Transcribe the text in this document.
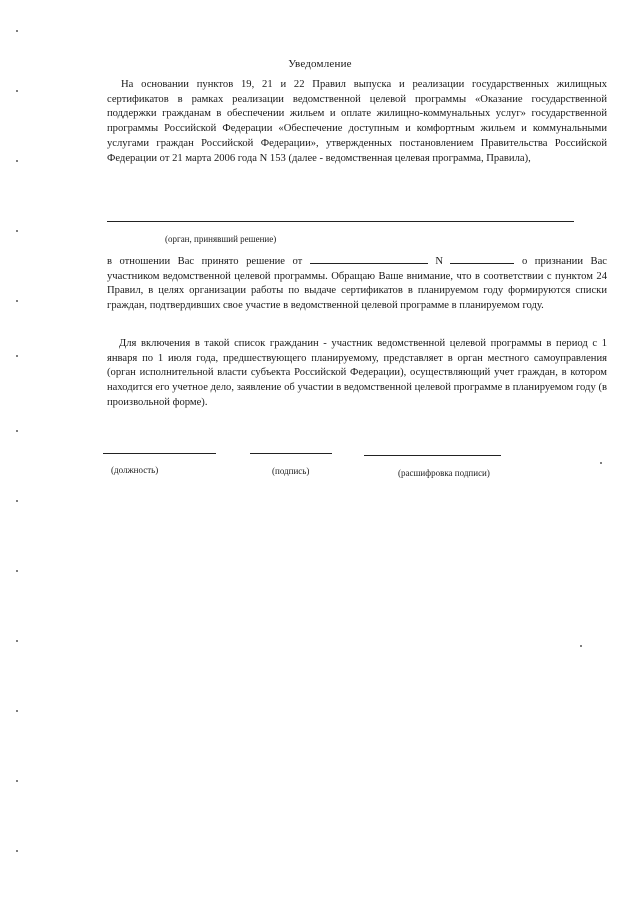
Уведомление

На основании пунктов 19, 21 и 22 Правил выпуска и реализации государственных жилищных сертификатов в рамках реализации ведомственной целевой программы «Оказание государственной поддержки гражданам в обеспечении жильем и оплате жилищно-коммунальных услуг» государственной программы Российской Федерации «Обеспечение доступным и комфортным жильем и коммунальными услугами граждан Российской Федерации», утвержденных постановлением Правительства Российской Федерации от 21 марта 2006 года N 153 (далее - ведомственная целевая программа, Правила),

(орган, принявший решение)

в отношении Вас принято решение от	N	о признании Вас участником ведомственной целевой программы. Обращаю Ваше внимание, что в соответствии с пунктом 24 Правил, в целях организации работы по выдаче сертификатов в планируемом году формируются списки граждан, подтвердивших свое участие в ведомственной целевой программе в планируемом году.

Для включения в такой список гражданин - участник ведомственной целевой программы в период с 1 января по 1 июля года, предшествующего планируемому, представляет в орган местного самоуправления (орган исполнительной власти субъекта Российской Федерации), осуществляющий учет граждан, в котором находится его учетное дело, заявление об участии в ведомственной целевой программе в планируемом году (в произвольной форме).

(должность)	(подпись)	(расшифровка подписи)
